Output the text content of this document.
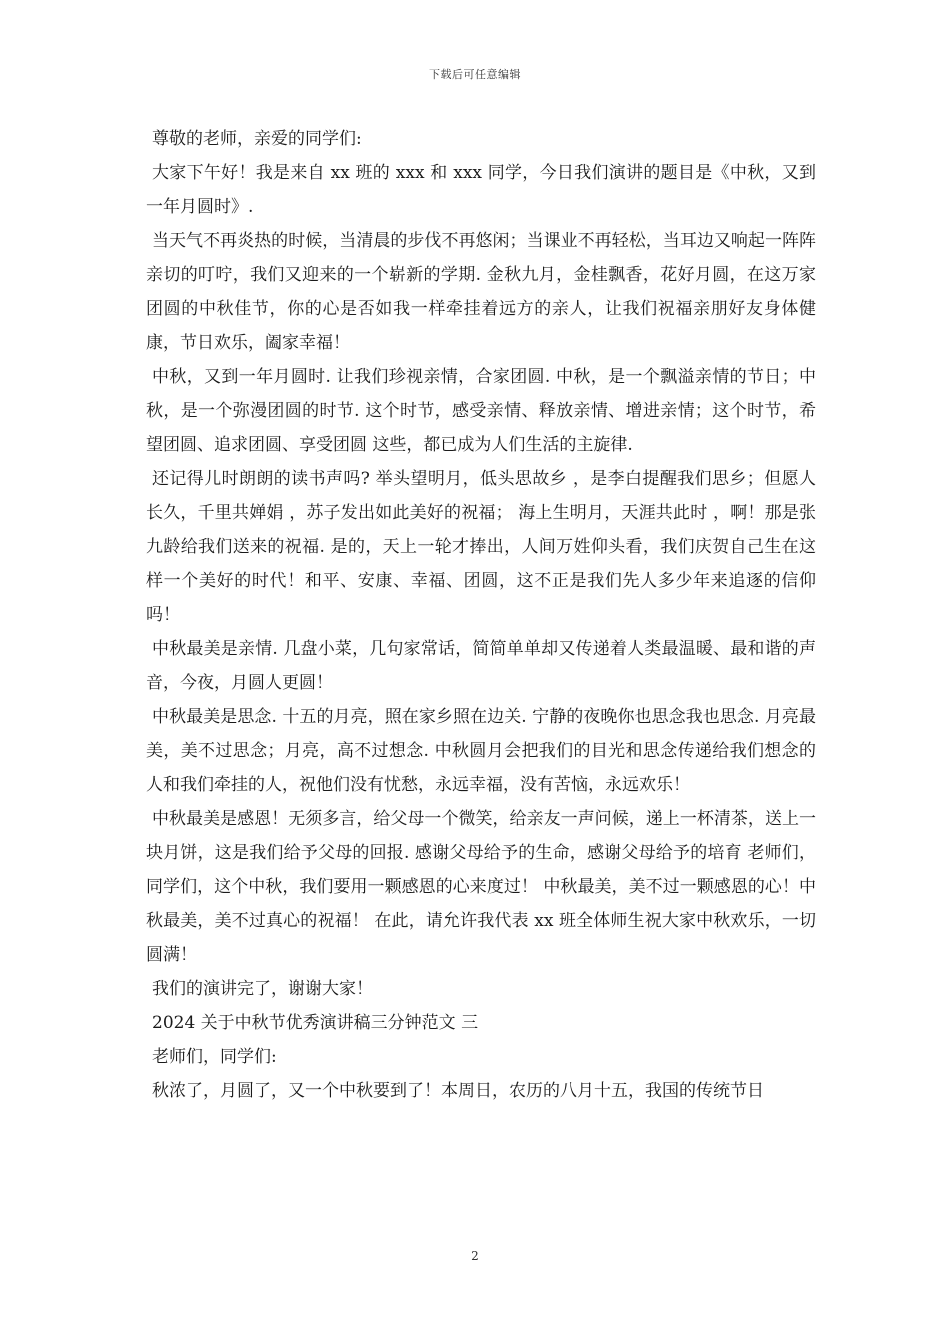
下载后可任意编辑

尊敬的老师，亲爱的同学们:

大家下午好！我是来自 xx 班的 xxx 和 xxx 同学，今日我们演讲的题目是《中秋，又到一年月圆时》.

当天气不再炎热的时候，当清晨的步伐不再悠闲；当课业不再轻松，当耳边又响起一阵阵亲切的叮咛，我们又迎来的一个崭新的学期. 金秋九月，金桂飘香，花好月圆，在这万家团圆的中秋佳节，你的心是否如我一样牵挂着远方的亲人，让我们祝福亲朋好友身体健康，节日欢乐，阖家幸福！

中秋，又到一年月圆时. 让我们珍视亲情，合家团圆. 中秋，是一个飘溢亲情的节日；中秋，是一个弥漫团圆的时节. 这个时节，感受亲情、释放亲情、增进亲情；这个时节，希望团圆、追求团圆、享受团圆 这些，都已成为人们生活的主旋律.

还记得儿时朗朗的读书声吗? 举头望明月，低头思故乡 ，是李白提醒我们思乡；但愿人长久，千里共婵娟 ，苏子发出如此美好的祝福； 海上生明月，天涯共此时 ，啊！那是张九龄给我们送来的祝福. 是的，天上一轮才捧出，人间万姓仰头看，我们庆贺自己生在这样一个美好的时代！和平、安康、幸福、团圆，这不正是我们先人多少年来追逐的信仰吗！

中秋最美是亲情. 几盘小菜，几句家常话，简简单单却又传递着人类最温暖、最和谐的声音，今夜，月圆人更圆！

中秋最美是思念. 十五的月亮，照在家乡照在边关. 宁静的夜晚你也思念我也思念. 月亮最美，美不过思念；月亮，高不过想念. 中秋圆月会把我们的目光和思念传递给我们想念的人和我们牵挂的人，祝他们没有忧愁，永远幸福，没有苦恼，永远欢乐！

中秋最美是感恩！无须多言，给父母一个微笑，给亲友一声问候，递上一杯清茶，送上一块月饼，这是我们给予父母的回报. 感谢父母给予的生命，感谢父母给予的培育 老师们，同学们，这个中秋，我们要用一颗感恩的心来度过！ 中秋最美，美不过一颗感恩的心！中秋最美，美不过真心的祝福！ 在此，请允许我代表 xx 班全体师生祝大家中秋欢乐，一切圆满！

我们的演讲完了，谢谢大家！

2024 关于中秋节优秀演讲稿三分钟范文 三

老师们，同学们:

秋浓了，月圆了，又一个中秋要到了！本周日，农历的八月十五，我国的传统节日

2
